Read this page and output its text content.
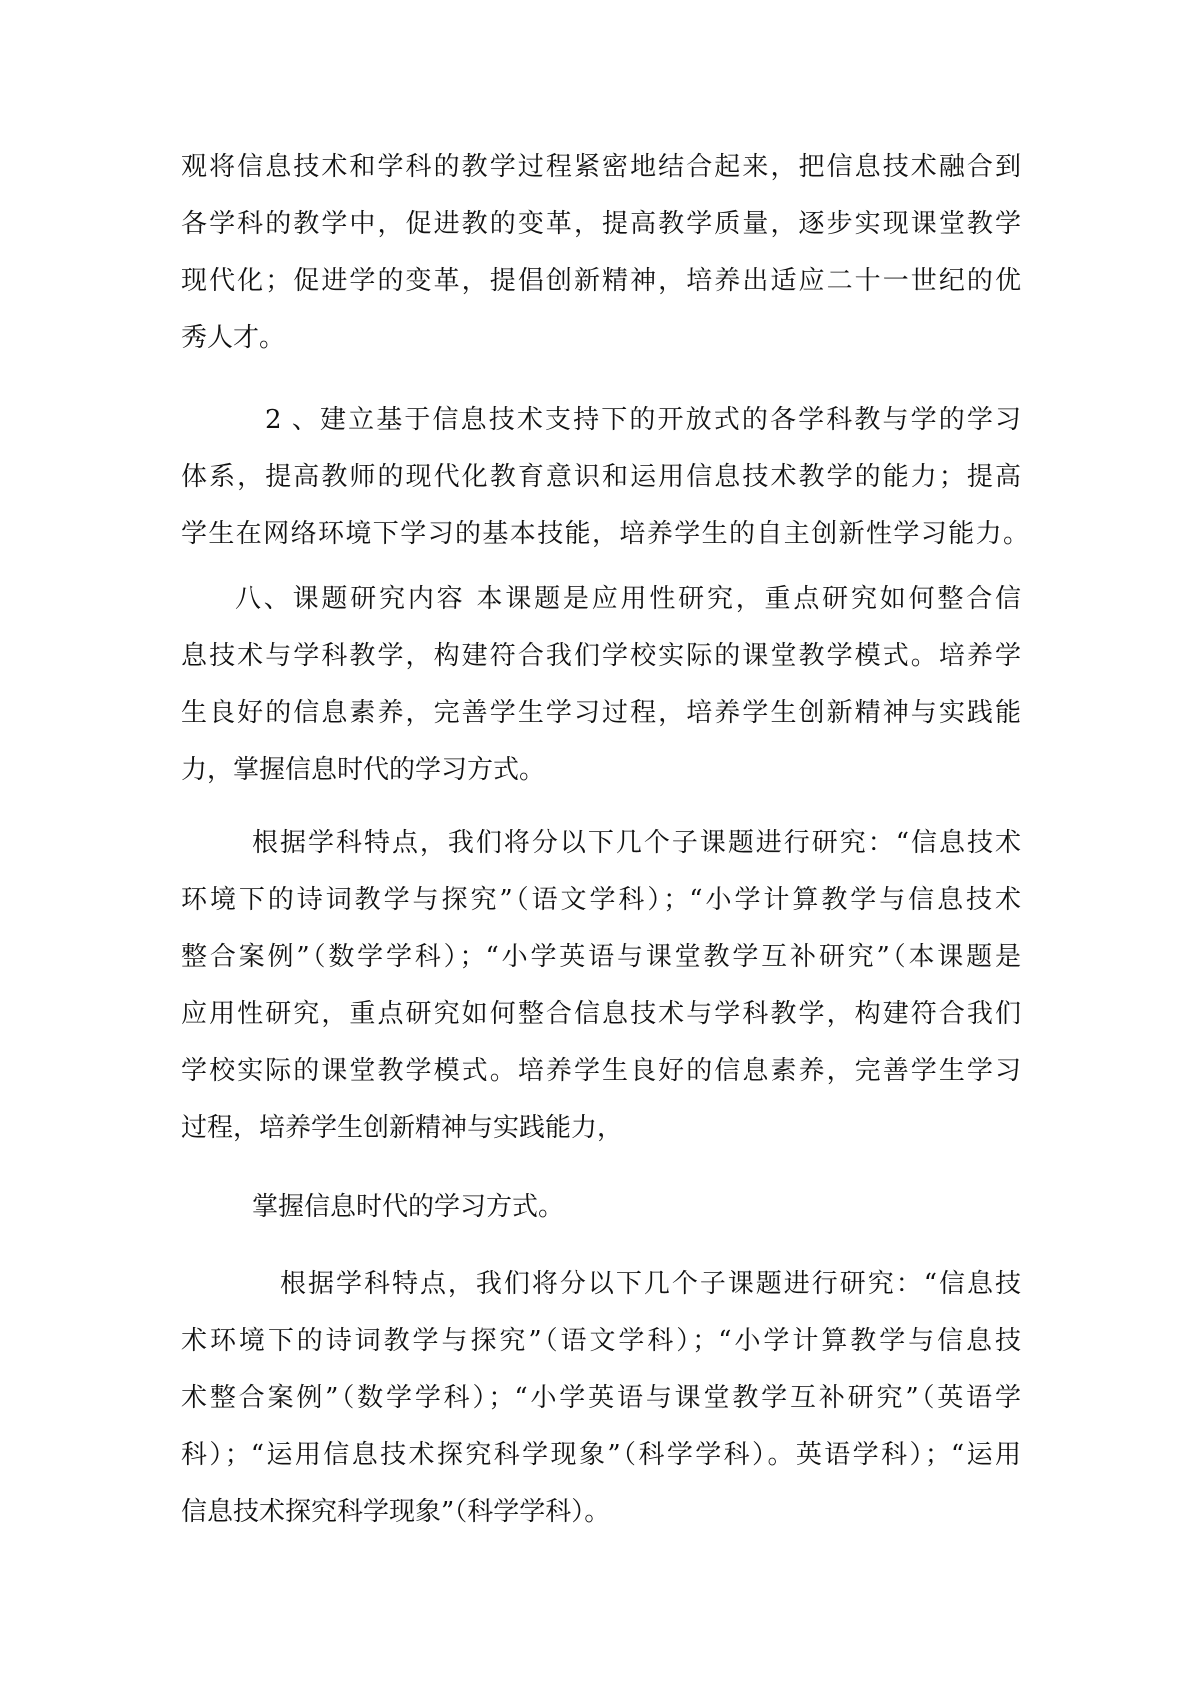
观将信息技术和学科的教学过程紧密地结合起来，把信息技术融合到
各学科的教学中，促进教的变革，提高教学质量，逐步实现课堂教学
现代化；促进学的变革，提倡创新精神，培养出适应二十一世纪的优
秀人才。
2 、建立基于信息技术支持下的开放式的各学科教与学的学习
体系，提高教师的现代化教育意识和运用信息技术教学的能力；提高
学生在网络环境下学习的基本技能，培养学生的自主创新性学习能力。
八、课题研究内容 本课题是应用性研究，重点研究如何整合信
息技术与学科教学，构建符合我们学校实际的课堂教学模式。培养学
生良好的信息素养，完善学生学习过程，培养学生创新精神与实践能
力，掌握信息时代的学习方式。
根据学科特点，我们将分以下几个子课题进行研究：“信息技术
环境下的诗词教学与探究”（语文学科）；“小学计算教学与信息技术
整合案例”（数学学科）；“小学英语与课堂教学互补研究”（本课题是
应用性研究，重点研究如何整合信息技术与学科教学，构建符合我们
学校实际的课堂教学模式。培养学生良好的信息素养，完善学生学习
过程，培养学生创新精神与实践能力，
掌握信息时代的学习方式。
根据学科特点，我们将分以下几个子课题进行研究：“信息技
术环境下的诗词教学与探究”（语文学科）；“小学计算教学与信息技
术整合案例”（数学学科）；“小学英语与课堂教学互补研究”（英语学
科）；“运用信息技术探究科学现象”（科学学科）。英语学科）；“运用
信息技术探究科学现象”（科学学科）。
